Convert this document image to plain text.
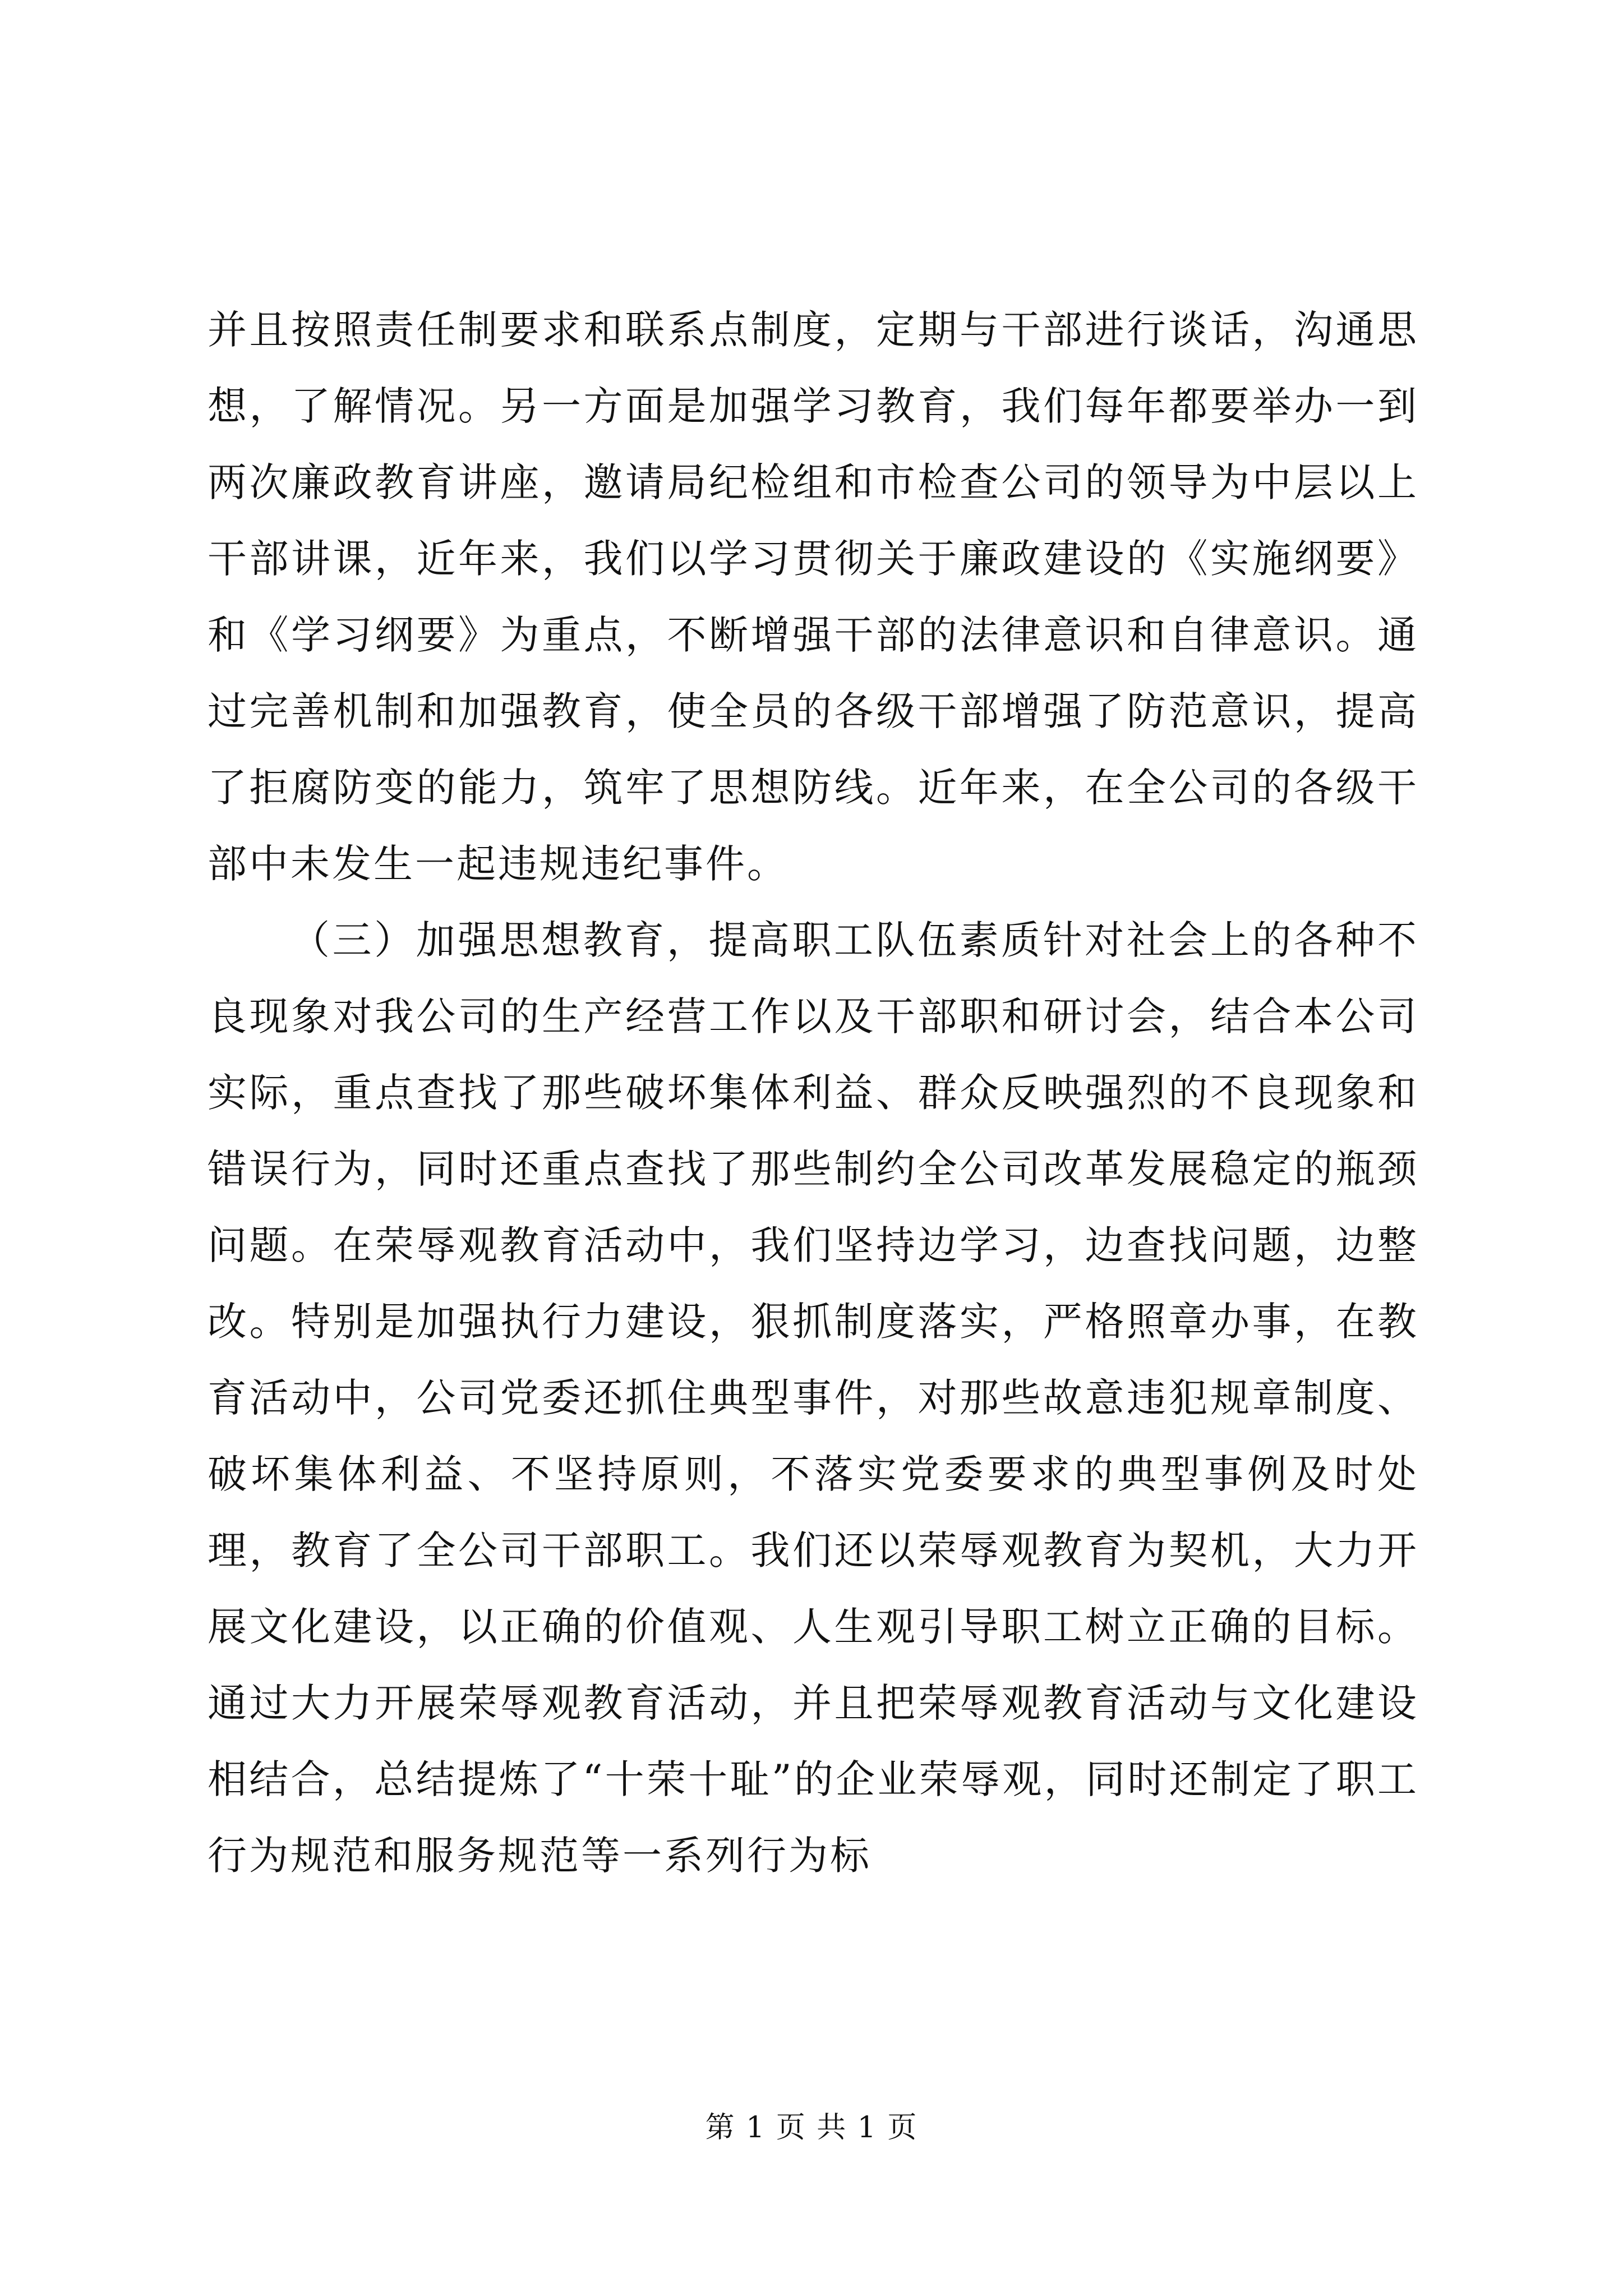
并且按照责任制要求和联系点制度，定期与干部进行谈话，沟通思想，了解情况。另一方面是加强学习教育，我们每年都要举办一到两次廉政教育讲座，邀请局纪检组和市检查公司的领导为中层以上干部讲课，近年来，我们以学习贯彻关于廉政建设的《实施纲要》和《学习纲要》为重点，不断增强干部的法律意识和自律意识。通过完善机制和加强教育，使全员的各级干部增强了防范意识，提高了拒腐防变的能力，筑牢了思想防线。近年来，在全公司的各级干部中未发生一起违规违纪事件。

（三）加强思想教育，提高职工队伍素质针对社会上的各种不良现象对我公司的生产经营工作以及干部职和研讨会，结合本公司实际，重点查找了那些破坏集体利益、群众反映强烈的不良现象和错误行为，同时还重点查找了那些制约全公司改革发展稳定的瓶颈问题。在荣辱观教育活动中，我们坚持边学习，边查找问题，边整改。特别是加强执行力建设，狠抓制度落实，严格照章办事，在教育活动中，公司党委还抓住典型事件，对那些故意违犯规章制度、破坏集体利益、不坚持原则，不落实党委要求的典型事例及时处理，教育了全公司干部职工。我们还以荣辱观教育为契机，大力开展文化建设，以正确的价值观、人生观引导职工树立正确的目标。通过大力开展荣辱观教育活动，并且把荣辱观教育活动与文化建设相结合，总结提炼了“十荣十耻”的企业荣辱观，同时还制定了职工行为规范和服务规范等一系列行为标

第 1 页 共 1 页
